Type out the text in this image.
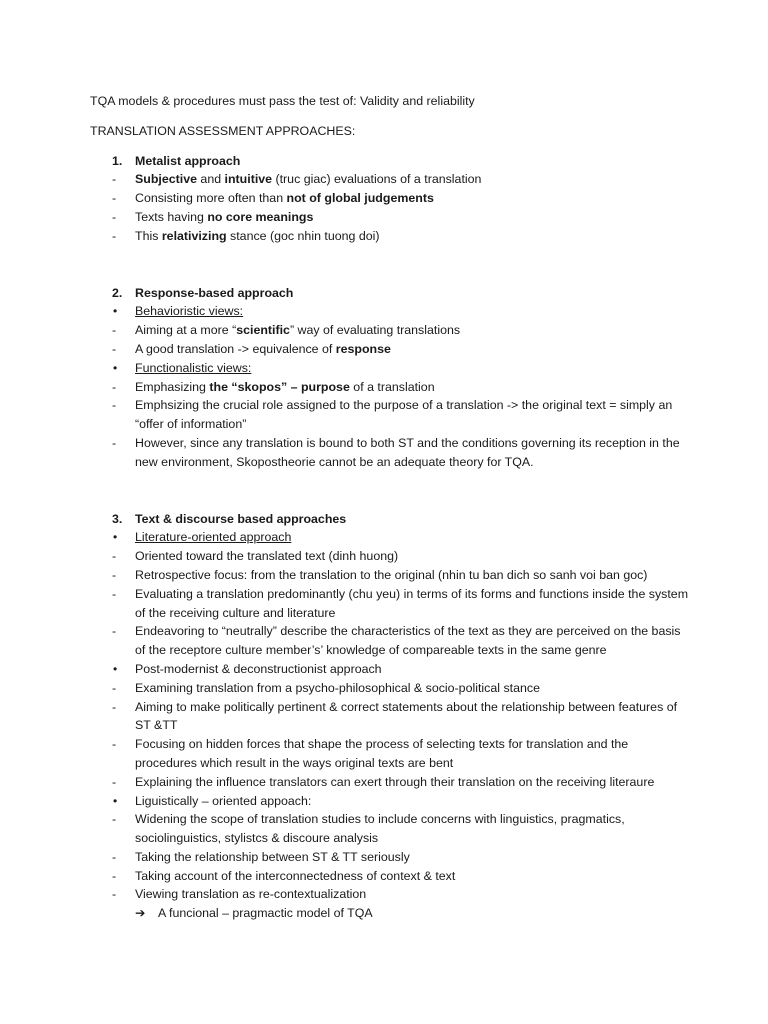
TQA models & procedures must pass the test of: Validity and reliability

TRANSLATION ASSESSMENT APPROACHES:

1. Metalist approach
- Subjective and intuitive (truc giac) evaluations of a translation
- Consisting more often than not of global judgements
- Texts having no core meanings
- This relativizing stance (goc nhin tuong doi)
2. Response-based approach
• Behavioristic views:
- Aiming at a more “scientific” way of evaluating translations
- A good translation -> equivalence of response
• Functionalistic views:
- Emphasizing the “skopos” – purpose of a translation
- Emphsizing the crucial role assigned to the purpose of a translation -> the original text = simply an “offer of information”
- However, since any translation is bound to both ST and the conditions governing its reception in the new environment, Skopostheorie cannot be an adequate theory for TQA.
3. Text & discourse based approaches
• Literature-oriented approach
- Oriented toward the translated text (dinh huong)
- Retrospective focus: from the translation to the original (nhin tu ban dich so sanh voi ban goc)
- Evaluating a translation predominantly (chu yeu) in terms of its forms and functions inside the system of the receiving culture and literature
- Endeavoring to “neutrally” describe the characteristics of the text as they are perceived on the basis of the receptore culture member’s’ knowledge of compareable texts in the same genre
• Post-modernist & deconstructionist approach
- Examining translation from a psycho-philosophical & socio-political stance
- Aiming to make politically pertinent & correct statements about the relationship between features of ST &TT
- Focusing on hidden forces that shape the process of selecting texts for translation and the procedures which result in the ways original texts are bent
- Explaining the influence translators can exert through their translation on the receiving literaure
• Liguistically – oriented appoach:
- Widening the scope of translation studies to include concerns with linguistics, pragmatics, sociolinguistics, stylistcs & discoure analysis
- Taking the relationship between ST & TT seriously
- Taking account of the interconnectedness of context & text
- Viewing translation as re-contextualization
➔ A funcional – pragmactic model of TQA
